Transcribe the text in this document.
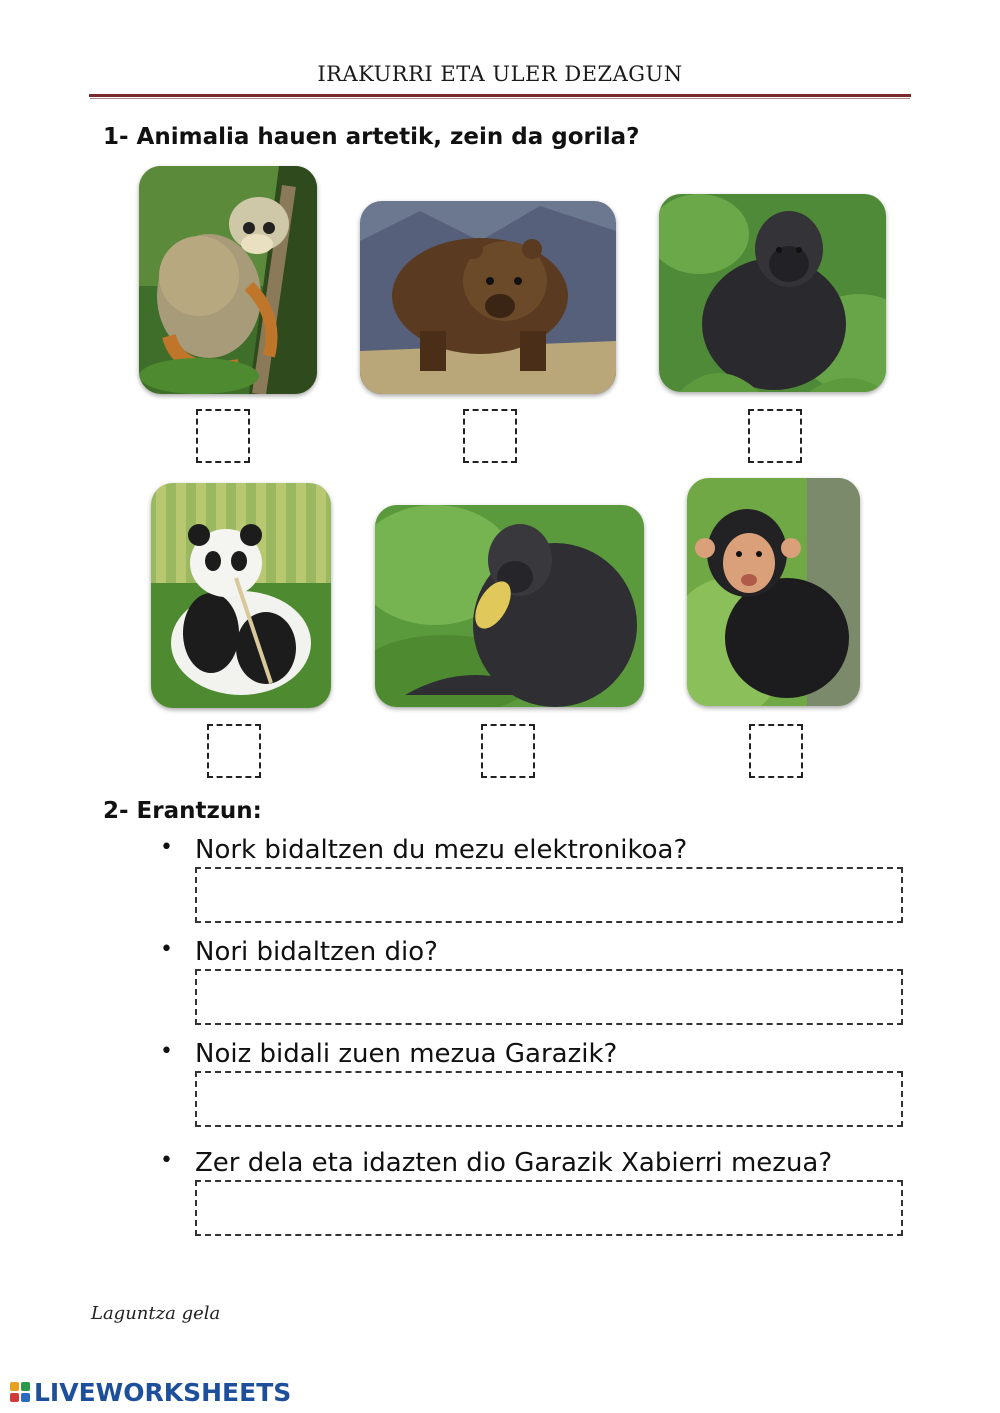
IRAKURRI ETA ULER DEZAGUN
1- Animalia hauen artetik, zein da gorila?
2- Erantzun:
• Nork bidaltzen du mezu elektronikoa?
• Nori bidaltzen dio?
• Noiz bidali zuen mezua Garazik?
• Zer dela eta idazten dio Garazik Xabierri mezua?
Laguntza gela
LIVEWORKSHEETS
